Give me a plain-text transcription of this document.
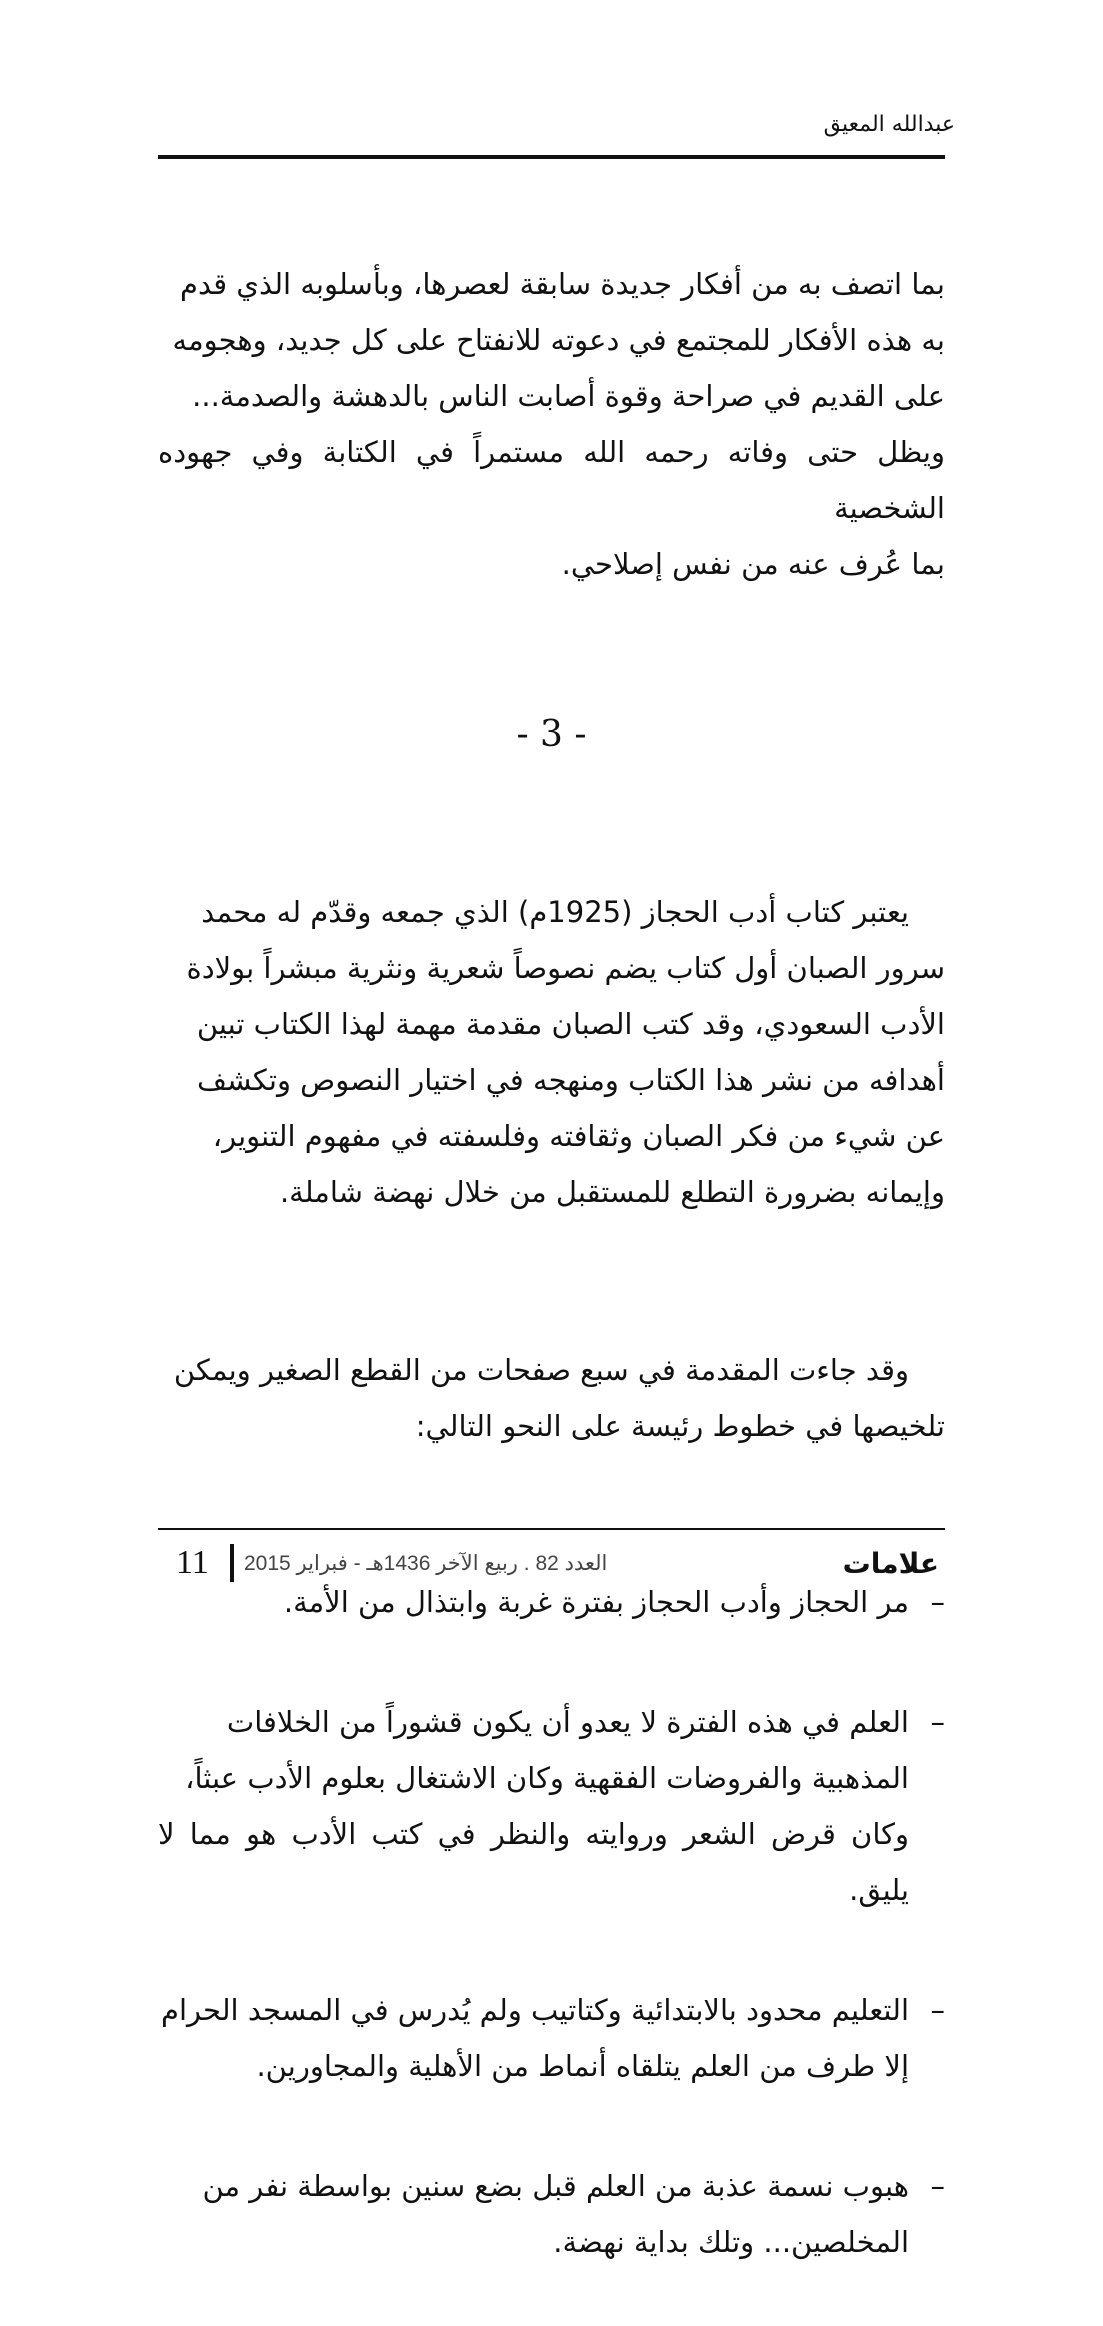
عبدالله المعيق

بما اتصف به من أفكار جديدة سابقة لعصرها، وبأسلوبه الذي قدم
به هذه الأفكار للمجتمع في دعوته للانفتاح على كل جديد، وهجومه
على القديم في صراحة وقوة أصابت الناس بالدهشة والصدمة...
ويظل حتى وفاته رحمه الله مستمراً في الكتابة وفي جهوده الشخصية
بما عُرف عنه من نفس إصلاحي.

- 3 -

يعتبر كتاب أدب الحجاز (1925م) الذي جمعه وقدّم له محمد
سرور الصبان أول كتاب يضم نصوصاً شعرية ونثرية مبشراً بولادة
الأدب السعودي، وقد كتب الصبان مقدمة مهمة لهذا الكتاب تبين
أهدافه من نشر هذا الكتاب ومنهجه في اختيار النصوص وتكشف
عن شيء من فكر الصبان وثقافته وفلسفته في مفهوم التنوير،
وإيمانه بضرورة التطلع للمستقبل من خلال نهضة شاملة.

وقد جاءت المقدمة في سبع صفحات من القطع الصغير ويمكن
تلخيصها في خطوط رئيسة على النحو التالي:

–
مر الحجاز وأدب الحجاز بفترة غربة وابتذال من الأمة.

–
العلم في هذه الفترة لا يعدو أن يكون قشوراً من الخلافات
المذهبية والفروضات الفقهية وكان الاشتغال بعلوم الأدب عبثاً،
وكان قرض الشعر وروايته والنظر في كتب الأدب هو مما لا يليق.

–
التعليم محدود بالابتدائية وكتاتيب ولم يُدرس في المسجد الحرام
إلا طرف من العلم يتلقاه أنماط من الأهلية والمجاورين.

–
هبوب نسمة عذبة من العلم قبل بضع سنين بواسطة نفر من
المخلصين... وتلك بداية نهضة.

11	العدد 82 . ربيع الآخر 1436هـ - فبراير 2015	علامات
